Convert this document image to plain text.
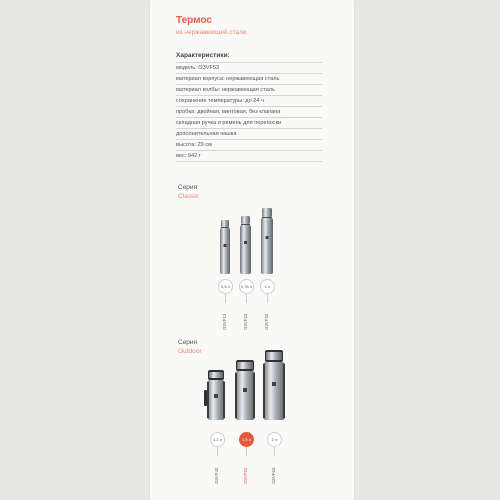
Термос
из нержавеющей стали
Характеристики:
модель: O3VF53
материал корпуса: нержавеющая сталь
материал колбы: нержавеющая сталь
сохранение температуры: до 24 ч
пробка: двойная, винтовая, без клапана
складная ручка и ремень для переноски
дополнительная чашка
высота: 29 см
вес: 942 г
Серия
Classic
0,5 л	0,75 л	1 л
O3VF13	O3VF23	O3VF33
Серия
Outdoor
1,2 л	1,5 л	2 л
O3VF43	O3VF53	O3VF63
